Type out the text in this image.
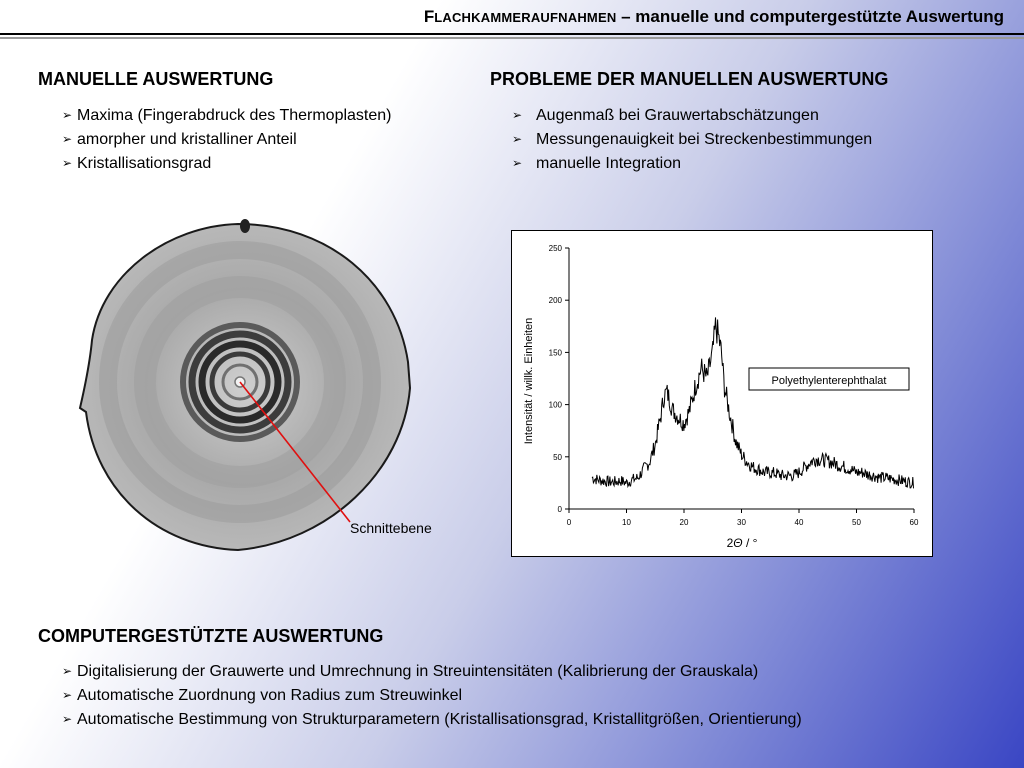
FLACHKAMMERAUFNAHMEN – manuelle und computergestützte Auswertung
MANUELLE AUSWERTUNG
➢ Maxima (Fingerabdruck des Thermoplasten)
➢ amorpher und kristalliner Anteil
➢ Kristallisationsgrad
PROBLEME DER MANUELLEN AUSWERTUNG
➢ Augenmaß bei Grauwertabschätzungen
➢ Messungenauigkeit bei Streckenbestimmungen
➢ manuelle Integration
Schnittebene
0
50
100
150
200
250
0	10	20	30	40	50	60
Polyethylenterephthalat
Intensität / willk. Einheiten
2Θ / °
COMPUTERGESTÜTZTE AUSWERTUNG
➢ Digitalisierung der Grauwerte und Umrechnung in Streuintensitäten (Kalibrierung der Grauskala)
➢ Automatische Zuordnung von Radius zum Streuwinkel
➢ Automatische Bestimmung von Strukturparametern (Kristallisationsgrad, Kristallitgrößen, Orientierung)
